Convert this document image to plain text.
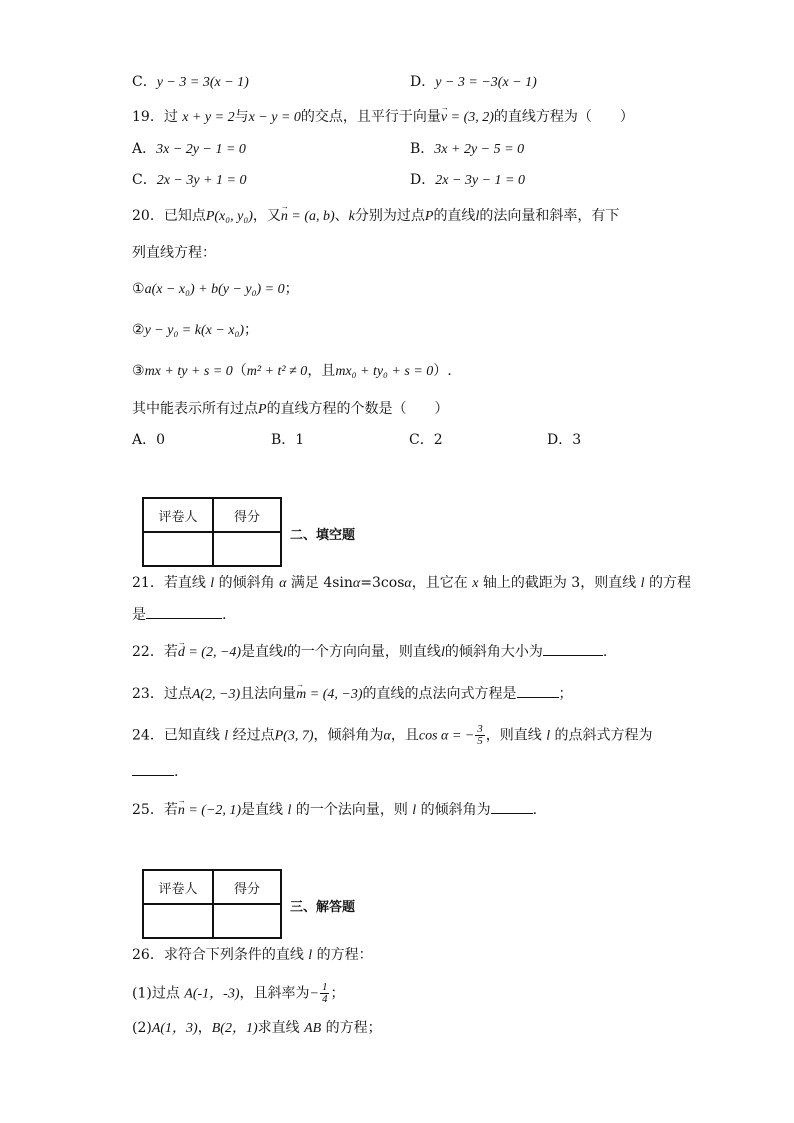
C．y − 3 = 3(x − 1)	D．y − 3 = −3(x − 1)
19．过 x + y = 2与x − y = 0的交点，且平行于向量→ v = (3, 2)的直线方程为（　　）
A．3x − 2y − 1 = 0	B．3x + 2y − 5 = 0
C．2x − 3y + 1 = 0	D．2x − 3y − 1 = 0
20．已知点P(x₀, y₀)，又→ n = (a, b)、k分别为过点P的直线l的法向量和斜率，有下
列直线方程：
①a(x − x₀) + b(y − y₀) = 0；
②y − y₀ = k(x − x₀)；
③mx + ty + s = 0（m² + t² ≠ 0，且mx₀ + ty₀ + s = 0）.
其中能表示所有过点P的直线方程的个数是（　　）
A．0	B．1	C．2	D．3
评卷人	得分

二、填空题
21．若直线 l 的倾斜角 α 满足 4sinα=3cosα，且它在 x 轴上的截距为 3，则直线 l 的方程
是	.
22．若→ d = (2, −4)是直线l的一个方向向量，则直线l的倾斜角大小为	.
23．过点A(2, −3)且法向量→ m = (4, −3)的直线的点法向式方程是	；
24．已知直线 l 经过点P(3, 7)，倾斜角为α，且cos α = − $\frac{3}{5}$ ，则直线 l 的点斜式方程为
.
25．若→ n = (−2, 1)是直线 l 的一个法向量，则 l 的倾斜角为	.
评卷人	得分

三、解答题
26．求符合下列条件的直线 l 的方程：
(1)过点 A(-1，-3)，且斜率为− $\frac{1}{4}$ ；
(2)A(1，3)，B(2，1)求直线 AB 的方程；
